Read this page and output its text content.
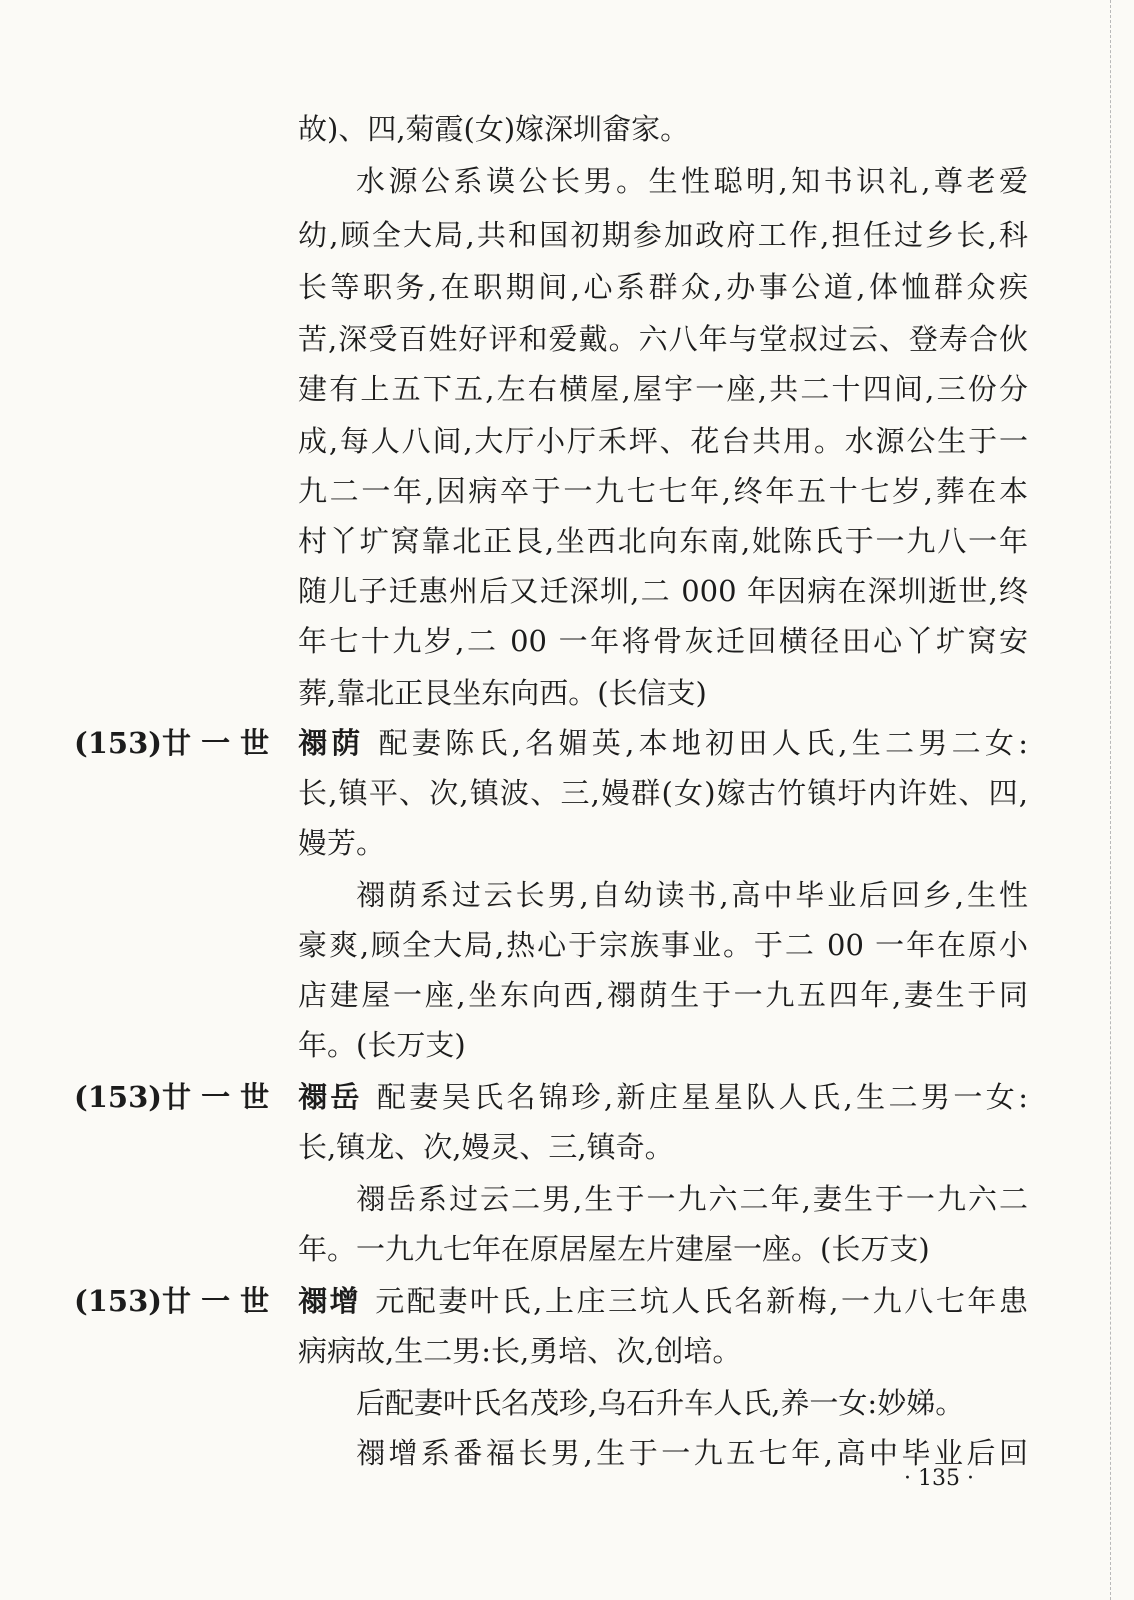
故)、四,菊霞(女)嫁深圳畲家。
水源公系谟公长男。生性聪明,知书识礼,尊老爱
幼,顾全大局,共和国初期参加政府工作,担任过乡长,科
长等职务,在职期间,心系群众,办事公道,体恤群众疾
苦,深受百姓好评和爱戴。六八年与堂叔过云、登寿合伙
建有上五下五,左右横屋,屋宇一座,共二十四间,三份分
成,每人八间,大厅小厅禾坪、花台共用。水源公生于一
九二一年,因病卒于一九七七年,终年五十七岁,葬在本
村丫圹窝靠北正艮,坐西北向东南,妣陈氏于一九八一年
随儿子迁惠州后又迁深圳,二 000 年因病在深圳逝世,终
年七十九岁,二 00 一年将骨灰迁回横径田心丫圹窝安
葬,靠北正艮坐东向西。(长信支)
(153)廿 一 世 禤荫 配妻陈氏,名媚英,本地初田人氏,生二男二女:
长,镇平、次,镇波、三,嫚群(女)嫁古竹镇圩内许姓、四,
嫚芳。
禤荫系过云长男,自幼读书,高中毕业后回乡,生性
豪爽,顾全大局,热心于宗族事业。于二 00 一年在原小
店建屋一座,坐东向西,禤荫生于一九五四年,妻生于同
年。(长万支)
(153)廿 一 世 禤岳 配妻吴氏名锦珍,新庄星星队人氏,生二男一女:
长,镇龙、次,嫚灵、三,镇奇。
禤岳系过云二男,生于一九六二年,妻生于一九六二
年。一九九七年在原居屋左片建屋一座。(长万支)
(153)廿 一 世 禤增 元配妻叶氏,上庄三坑人氏名新梅,一九八七年患
病病故,生二男:长,勇培、次,创培。
后配妻叶氏名茂珍,乌石升车人氏,养一女:妙娣。
禤增系番福长男,生于一九五七年,高中毕业后回
· 135 ·
